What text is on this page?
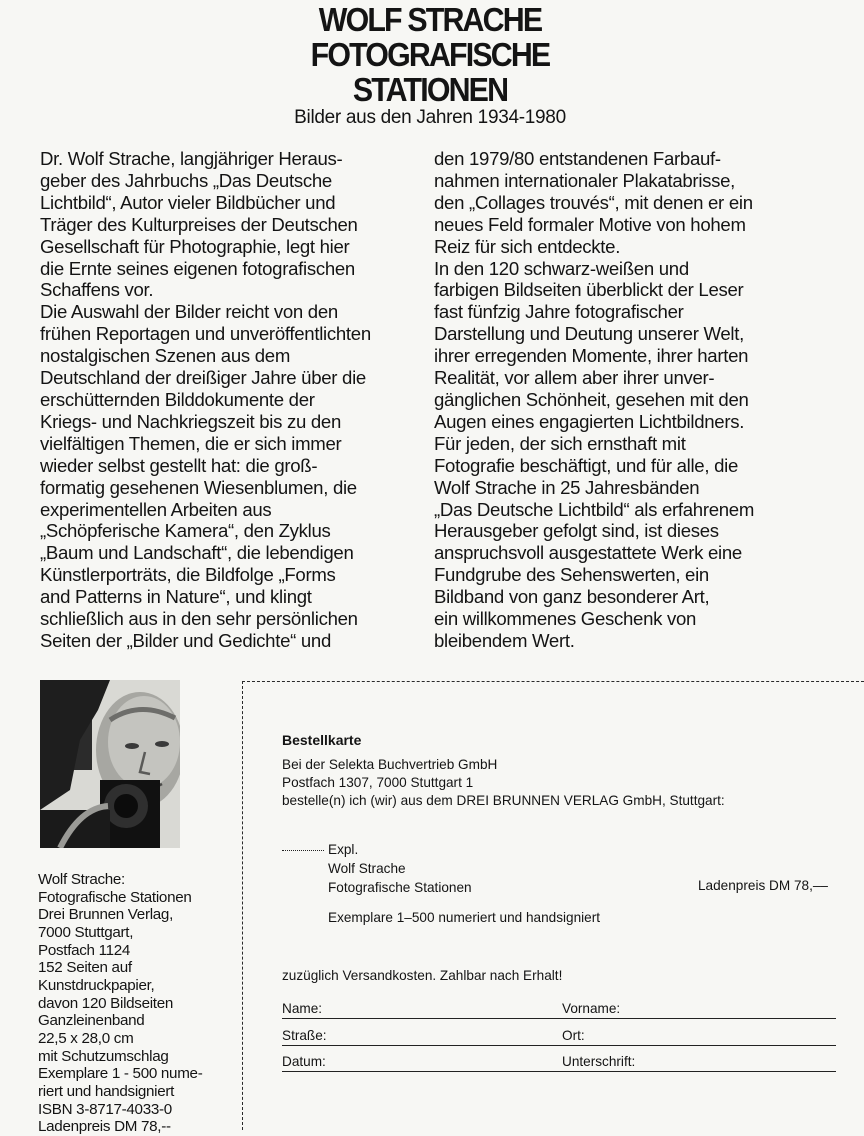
WOLF STRACHE
FOTOGRAFISCHE
STATIONEN
Bilder aus den Jahren 1934-1980
Dr. Wolf Strache, langjähriger Heraus-
geber des Jahrbuchs „Das Deutsche
Lichtbild“, Autor vieler Bildbücher und
Träger des Kulturpreises der Deutschen
Gesellschaft für Photographie, legt hier
die Ernte seines eigenen fotografischen
Schaffens vor.
Die Auswahl der Bilder reicht von den
frühen Reportagen und unveröffentlichten
nostalgischen Szenen aus dem
Deutschland der dreißiger Jahre über die
erschütternden Bilddokumente der
Kriegs- und Nachkriegszeit bis zu den
vielfältigen Themen, die er sich immer
wieder selbst gestellt hat: die groß-
formatig gesehenen Wiesenblumen, die
experimentellen Arbeiten aus
„Schöpferische Kamera“, den Zyklus
„Baum und Landschaft“, die lebendigen
Künstlerporträts, die Bildfolge „Forms
and Patterns in Nature“, und klingt
schließlich aus in den sehr persönlichen
Seiten der „Bilder und Gedichte“ und
den 1979/80 entstandenen Farbauf-
nahmen internationaler Plakatabrisse,
den „Collages trouvés“, mit denen er ein
neues Feld formaler Motive von hohem
Reiz für sich entdeckte.
In den 120 schwarz-weißen und
farbigen Bildseiten überblickt der Leser
fast fünfzig Jahre fotografischer
Darstellung und Deutung unserer Welt,
ihrer erregenden Momente, ihrer harten
Realität, vor allem aber ihrer unver-
gänglichen Schönheit, gesehen mit den
Augen eines engagierten Lichtbildners.
Für jeden, der sich ernsthaft mit
Fotografie beschäftigt, und für alle, die
Wolf Strache in 25 Jahresbänden
„Das Deutsche Lichtbild“ als erfahrenem
Herausgeber gefolgt sind, ist dieses
anspruchsvoll ausgestattete Werk eine
Fundgrube des Sehenswerten, ein
Bildband von ganz besonderer Art,
ein willkommenes Geschenk von
bleibendem Wert.
Wolf Strache:
Fotografische Stationen
Drei Brunnen Verlag,
7000 Stuttgart,
Postfach 1124
152 Seiten auf
Kunstdruckpapier,
davon 120 Bildseiten
Ganzleinenband
22,5 x 28,0 cm
mit Schutzumschlag
Exemplare 1 - 500 nume-
riert und handsigniert
ISBN 3-8717-4033-0
Ladenpreis DM 78,--
Bestellkarte
Bei der Selekta Buchvertrieb GmbH
Postfach 1307, 7000 Stuttgart 1
bestelle(n) ich (wir) aus dem DREI BRUNNEN VERLAG GmbH, Stuttgart:
Expl.
Wolf Strache
Fotografische Stationen	Ladenpreis DM 78,––
Exemplare 1–500 numeriert und handsigniert
zuzüglich Versandkosten. Zahlbar nach Erhalt!
Name:	Vorname:
Straße:	Ort:
Datum:	Unterschrift:
